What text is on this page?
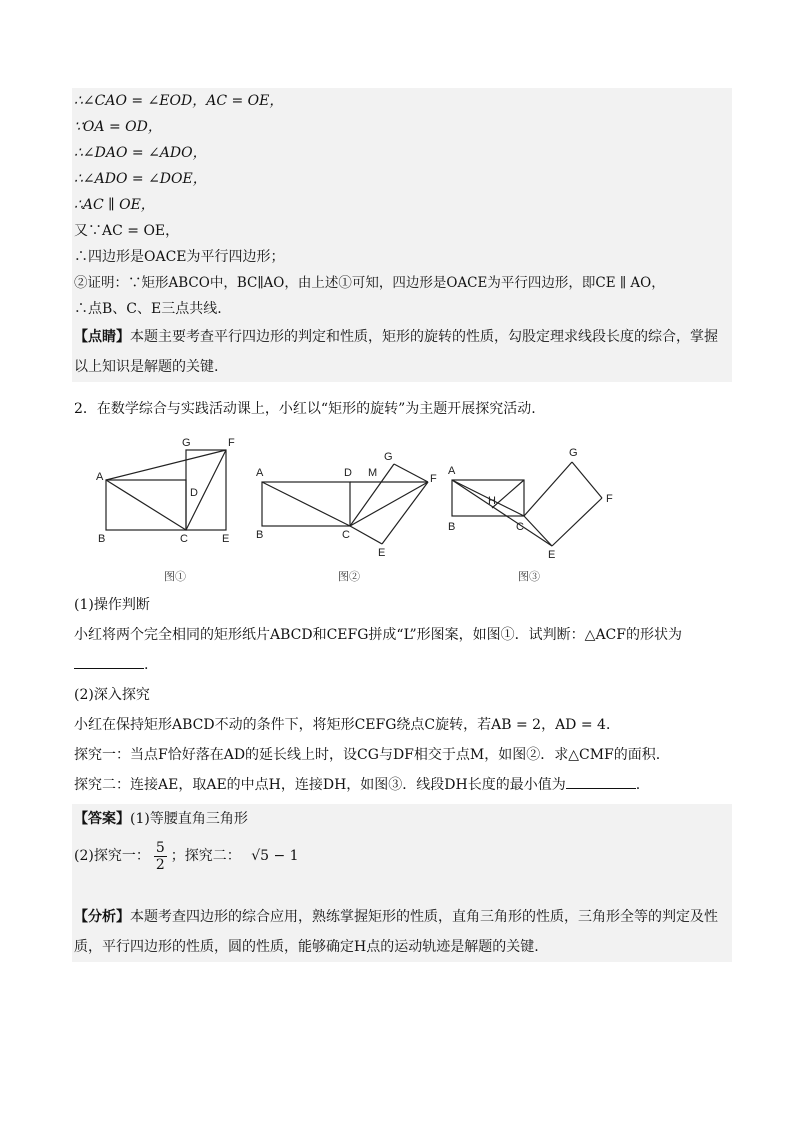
∴∠CAO = ∠EOD，AC = OE，
∵OA = OD，
∴∠DAO = ∠ADO，
∴∠ADO = ∠DOE，
∴AC ∥ OE，
又∵AC = OE，
∴四边形是OACE为平行四边形；
②证明：∵矩形ABCO中，BC∥AO，由上述①可知，四边形是OACE为平行四边形，即CE ∥ AO，
∴点B、C、E三点共线.
【点睛】本题主要考查平行四边形的判定和性质，矩形的旋转的性质，勾股定理求线段长度的综合，掌握以上知识是解题的关键.
2．在数学综合与实践活动课上，小红以“矩形的旋转”为主题开展探究活动.
G	F
A
D
B	C	E
A	D M
G
F
B	C
E
A
G
H	F
B	C
E
图①	图②	图③
(1)操作判断
小红将两个完全相同的矩形纸片ABCD和CEFG拼成“L”形图案，如图①．试判断：△ACF的形状为
.
(2)深入探究
小红在保持矩形ABCD不动的条件下，将矩形CEFG绕点C旋转，若AB = 2，AD = 4．
探究一：当点F恰好落在AD的延长线上时，设CG与DF相交于点M，如图②．求△CMF的面积.
探究二：连接AE，取AE的中点H，连接DH，如图③．线段DH长度的最小值为	.
【答案】(1)等腰直角三角形
(2)探究一： $\frac{5}{2}$ ；探究二： √5 − 1
【分析】本题考查四边形的综合应用，熟练掌握矩形的性质，直角三角形的性质，三角形全等的判定及性质，平行四边形的性质，圆的性质，能够确定H点的运动轨迹是解题的关键.
